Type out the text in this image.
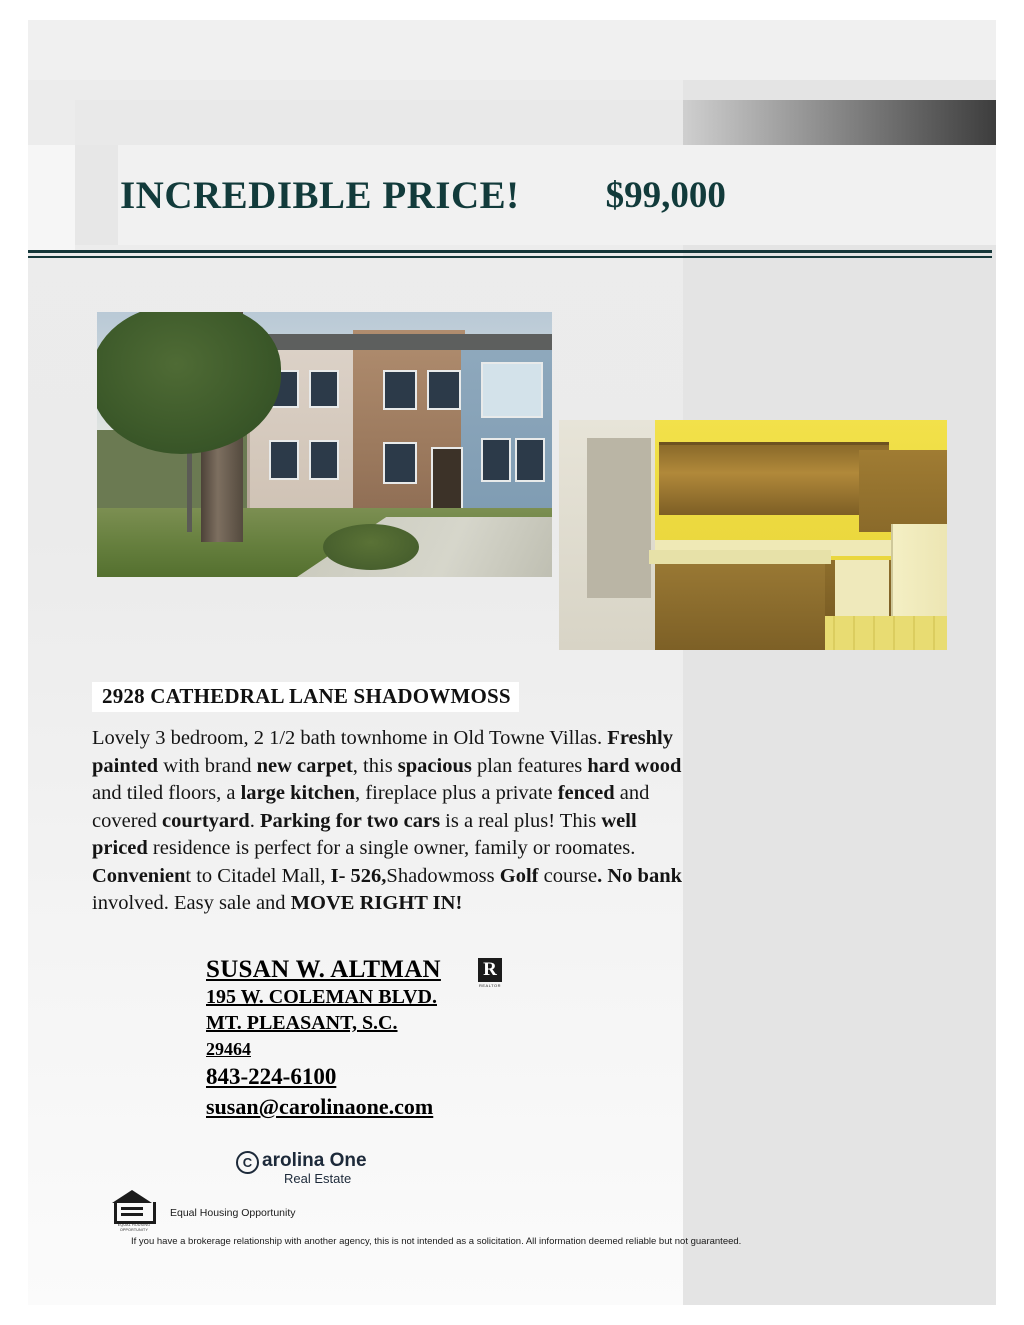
INCREDIBLE PRICE! $99,000
2928 CATHEDRAL LANE SHADOWMOSS
Lovely 3 bedroom, 2 1/2 bath townhome in Old Towne Villas. Freshly painted with brand new carpet, this spacious plan features hard wood and tiled floors, a large kitchen, fireplace plus a private fenced and covered courtyard. Parking for two cars is a real plus! This well priced residence is perfect for a single owner, family or roomates. Convenient to Citadel Mall, I- 526,Shadowmoss Golf course. No bank involved. Easy sale and MOVE RIGHT IN!
SUSAN W. ALTMAN
195 W. COLEMAN BLVD.
MT. PLEASANT, S.C.
29464
843-224-6100
susan@carolinaone.com
R
REALTOR
C arolina One
Real Estate
EQUAL HOUSING
OPPORTUNITY
Equal Housing Opportunity
If you have a brokerage relationship with another agency, this is not intended as a solicitation. All information deemed reliable but not guaranteed.
